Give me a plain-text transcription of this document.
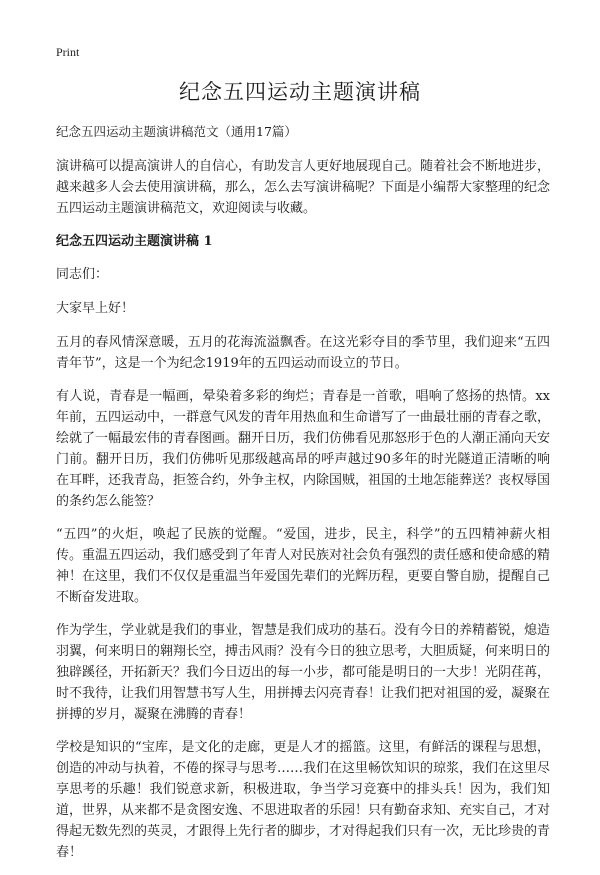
Print
纪念五四运动主题演讲稿

纪念五四运动主题演讲稿范文（通用17篇）

演讲稿可以提高演讲人的自信心，有助发言人更好地展现自己。随着社会不断地进步，越来越多人会去使用演讲稿，那么，怎么去写演讲稿呢？下面是小编帮大家整理的纪念五四运动主题演讲稿范文，欢迎阅读与收藏。

纪念五四运动主题演讲稿 1

同志们：

大家早上好！

五月的春风情深意暖，五月的花海流溢飘香。在这光彩夺目的季节里，我们迎来“五四青年节”，这是一个为纪念1919年的五四运动而设立的节日。

有人说，青春是一幅画，晕染着多彩的绚烂；青春是一首歌，唱响了悠扬的热情。xx年前，五四运动中，一群意气风发的青年用热血和生命谱写了一曲最壮丽的青春之歌，绘就了一幅最宏伟的青春图画。翻开日历，我们仿佛看见那怒形于色的人潮正涌向天安门前。翻开日历，我们仿佛听见那级越高昂的呼声越过90多年的时光隧道正清晰的响在耳畔，还我青岛，拒签合约，外争主权，内除国贼，祖国的土地怎能葬送？丧权辱国的条约怎么能签？

“五四”的火炬，唤起了民族的觉醒。“爱国，进步，民主，科学”的五四精神薪火相传。重温五四运动，我们感受到了年青人对民族对社会负有强烈的责任感和使命感的精神！在这里，我们不仅仅是重温当年爱国先辈们的光辉历程，更要自警自励，提醒自己不断奋发进取。

作为学生，学业就是我们的事业，智慧是我们成功的基石。没有今日的养精蓄锐，熄造羽翼，何来明日的翱翔长空，搏击风雨？没有今日的独立思考，大胆质疑，何来明日的独辟蹊径，开拓新天？我们今日迈出的每一小步，都可能是明日的一大步！光阴荏苒，时不我待，让我们用智慧书写人生，用拼搏去闪亮青春！让我们把对祖国的爱，凝聚在拼搏的岁月，凝聚在沸腾的青春！

学校是知识的“宝库，是文化的走廊，更是人才的摇篮。这里，有鲜活的课程与思想，创造的冲动与执着，不倦的探寻与思考……我们在这里畅饮知识的琼浆，我们在这里尽享思考的乐趣！我们锐意求新，积极进取，争当学习竞赛中的排头兵！因为，我们知道，世界，从来都不是贪图安逸、不思进取者的乐园！只有勤奋求知、充实自己，才对得起无数先烈的英灵，才跟得上先行者的脚步，才对得起我们只有一次，无比珍贵的青春！
